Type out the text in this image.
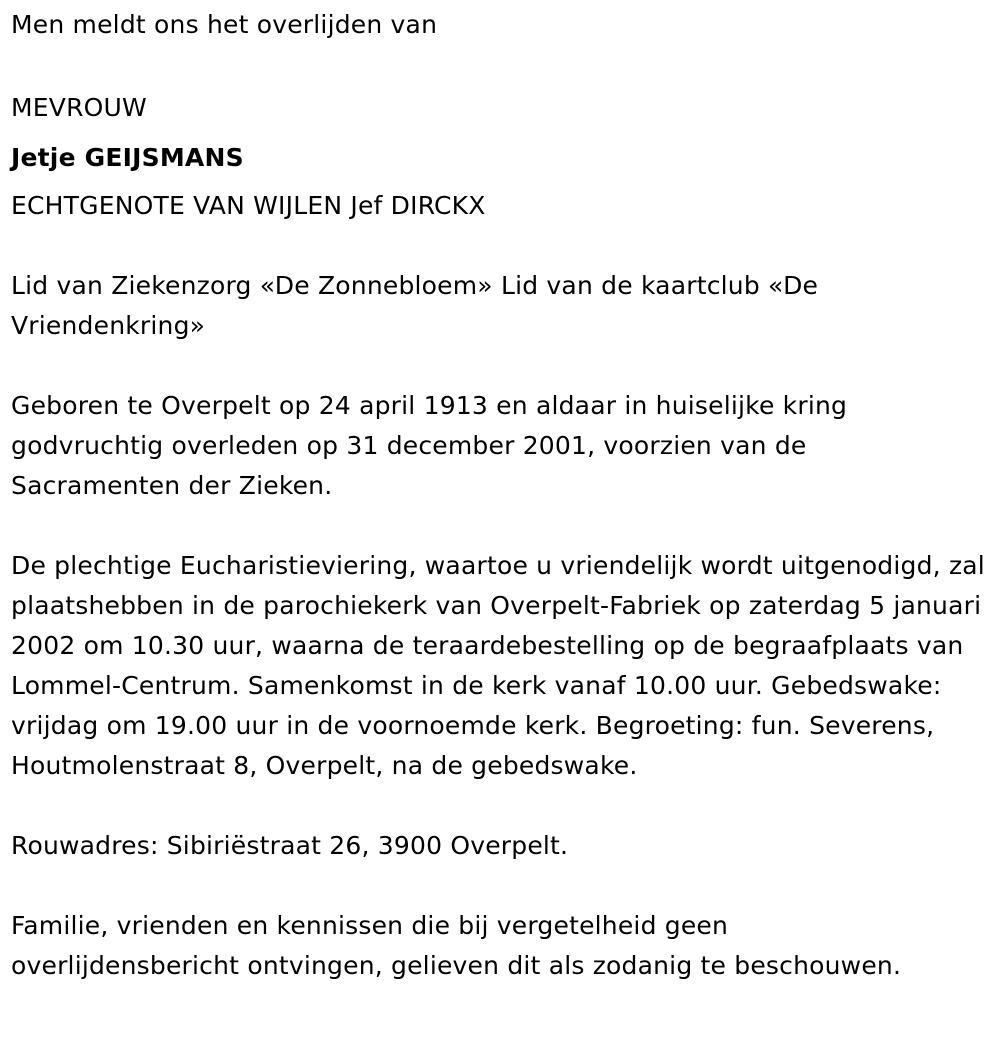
Men meldt ons het overlijden van

MEVROUW

Jetje GEIJSMANS

ECHTGENOTE VAN WIJLEN Jef DIRCKX

Lid van Ziekenzorg «De Zonnebloem» Lid van de kaartclub «De Vriendenkring»

Geboren te Overpelt op 24 april 1913 en aldaar in huiselijke kring godvruchtig overleden op 31 december 2001, voorzien van de Sacramenten der Zieken.

De plechtige Eucharistieviering, waartoe u vriendelijk wordt uitgenodigd, zal plaatshebben in de parochiekerk van Overpelt-Fabriek op zaterdag 5 januari 2002 om 10.30 uur, waarna de teraardebestelling op de begraafplaats van Lommel-Centrum. Samenkomst in de kerk vanaf 10.00 uur. Gebedswake: vrijdag om 19.00 uur in de voornoemde kerk. Begroeting: fun. Severens, Houtmolenstraat 8, Overpelt, na de gebedswake.

Rouwadres: Sibiriëstraat 26, 3900 Overpelt.

Familie, vrienden en kennissen die bij vergetelheid geen overlijdensbericht ontvingen, gelieven dit als zodanig te beschouwen.
